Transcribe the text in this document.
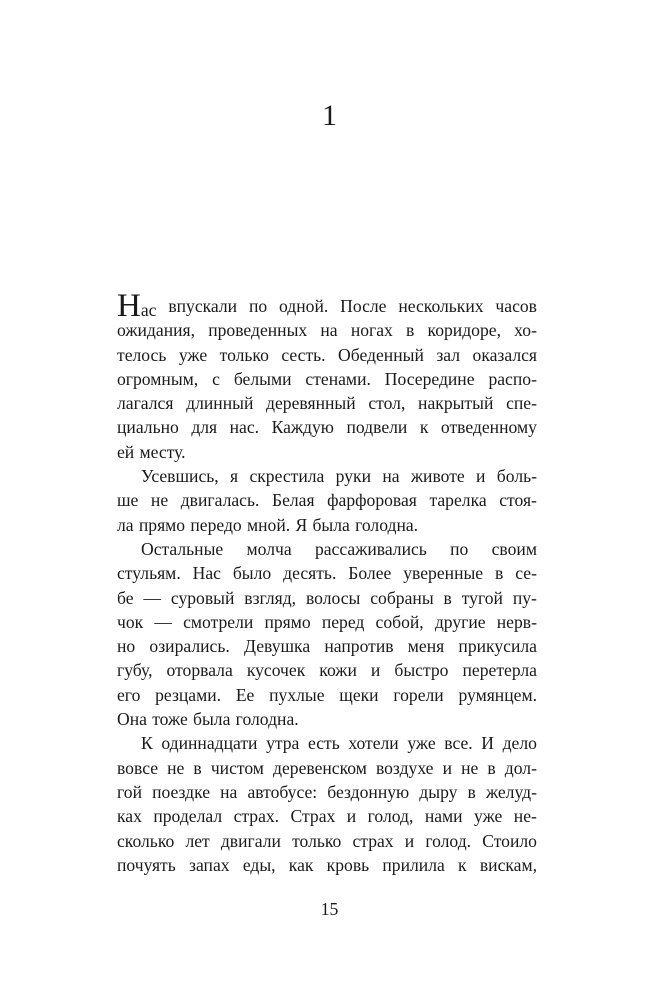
1
Нас впускали по одной. После нескольких часов
ожидания, проведенных на ногах в коридоре, хо-
телось уже только сесть. Обеденный зал оказался
огромным, с белыми стенами. Посередине распо-
лагался длинный деревянный стол, накрытый спе-
циально для нас. Каждую подвели к отведенному
ей месту.
Усевшись, я скрестила руки на животе и боль-
ше не двигалась. Белая фарфоровая тарелка стоя-
ла прямо передо мной. Я была голодна.
Остальные молча рассаживались по своим
стульям. Нас было десять. Более уверенные в се-
бе — суровый взгляд, волосы собраны в тугой пу-
чок — смотрели прямо перед собой, другие нерв-
но озирались. Девушка напротив меня прикусила
губу, оторвала кусочек кожи и быстро перетерла
его резцами. Ее пухлые щеки горели румянцем.
Она тоже была голодна.
К одиннадцати утра есть хотели уже все. И дело
вовсе не в чистом деревенском воздухе и не в дол-
гой поездке на автобусе: бездонную дыру в желуд-
ках проделал страх. Страх и голод, нами уже не-
сколько лет двигали только страх и голод. Стоило
почуять запах еды, как кровь прилила к вискам,
15
